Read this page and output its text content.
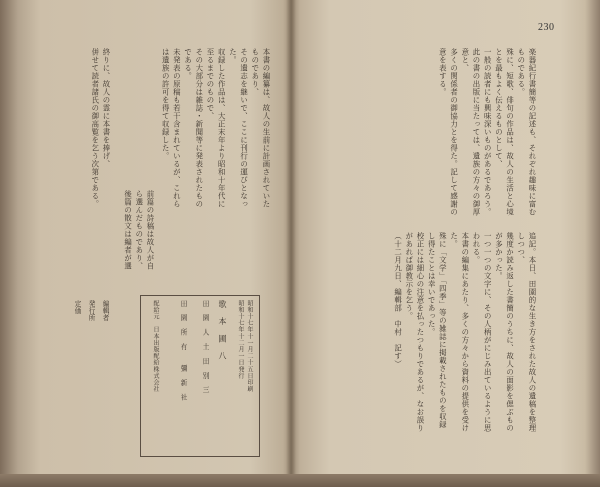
230
楽器紀行書簡等の記述も、それぞれ趣味に富むものである。
殊に、短歌、俳句の作品は、故人の生活と心境とを最もよく伝えるものとして、
一般の読者にも興味深いものがあるであろう。
此の書の出版に当たっては、遺族の方々の御厚意と、
多くの関係者の御協力とを得た。記して感謝の意を表する。
追記。本日、田園的な生き方をされた故人の遺稿を整理しつつ、
幾度か読み返した書簡のうちに、故人の面影を偲ぶものが多かった。
一つ一つの文字に、その人柄がにじみ出ているように思われる。
本書の編集にあたり、多くの方々から資料の提供を受けた。
殊に「文学」「四季」等の雑誌に掲載されたものを収録し得たことは幸いであった。
校正には細心の注意を払ったつもりであるが、なお誤りがあれば御教示を乞う。
（十二月九日、編輯部　中村　記す）
本書の編纂は、故人の生前に計画されていたものであり、
その遺志を継いで、ここに刊行の運びとなった。
収録した作品は、大正末年より昭和十年代に至るまでのもので、
その大部分は雑誌・新聞等に発表されたものである。
未発表の原稿も若干含まれているが、これらは遺族の許可を得て収録した。
前篇の詩稿は故人が自ら選んだものであり、
後篇の散文は編者が選

終りに、故人の霊に本書を捧げ、
併せて読者諸氏の御高覧を乞う次第である。
昭和十七年十一月二十五日印刷
昭和十七年十二月一日発行
歌　本　圃　八
田　園　人　土　田　別　三
田　園　所　有　　彌　新　社
配給元　日本出版配給株式会社
編輯者
発行所
定価
